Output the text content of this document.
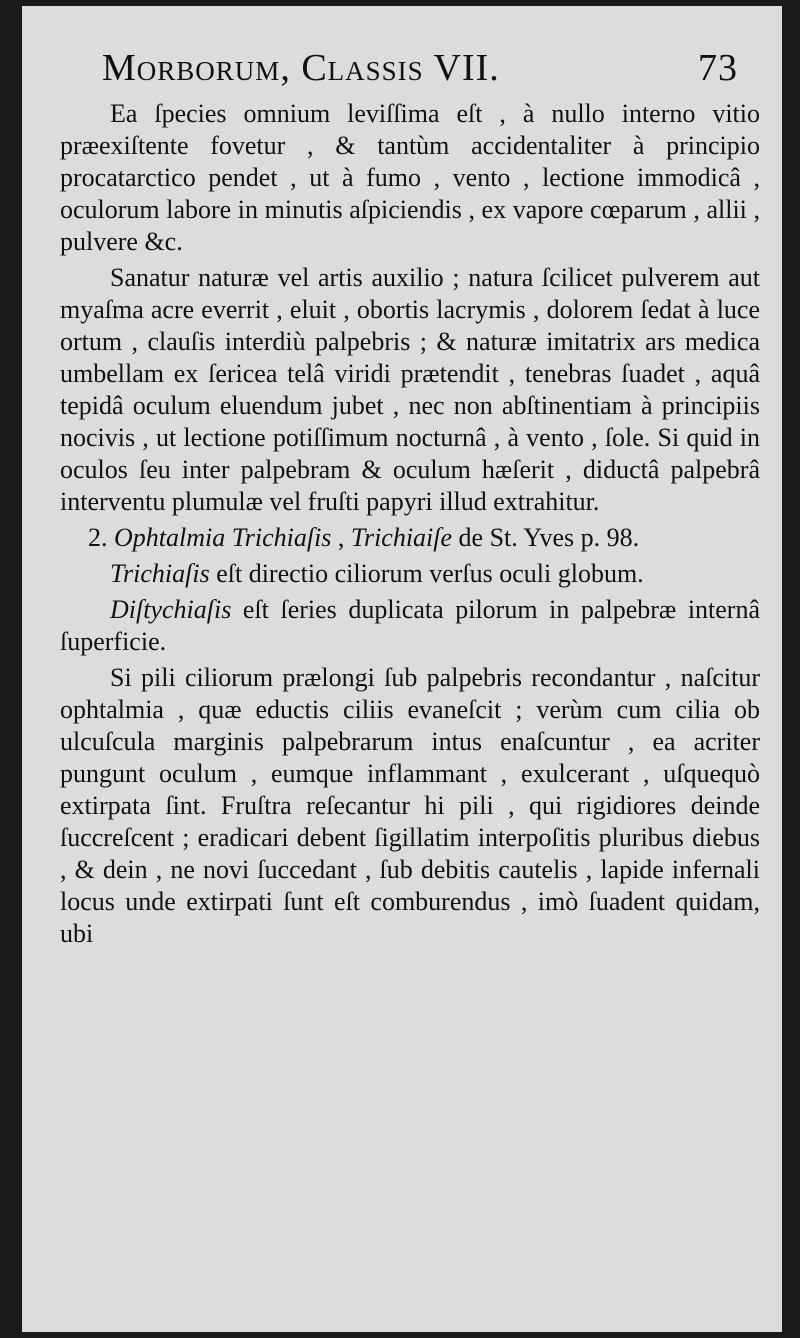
Morborum, Classis VII.	73

Ea ſpecies omnium leviſſima eſt , à nullo interno vitio præexiſtente fovetur , & tantùm accidentaliter à principio procatarctico pendet , ut à fumo , vento , lectione immodicâ , oculorum labore in minutis aſpiciendis , ex vapore cœparum , allii , pulvere &c.

Sanatur naturæ vel artis auxilio ; natura ſcilicet pulverem aut myaſma acre everrit , eluit , obortis lacrymis , dolorem ſedat à luce ortum , clauſis interdiù palpebris ; & naturæ imitatrix ars medica umbellam ex ſericea telâ viridi prætendit , tenebras ſuadet , aquâ tepidâ oculum eluendum jubet , nec non abſtinentiam à principiis nocivis , ut lectione potiſſimum nocturnâ , à vento , ſole. Si quid in oculos ſeu inter palpebram & oculum hæſerit , diductâ palpebrâ interventu plumulæ vel fruſti papyri illud extrahitur.

2. Ophtalmia Trichiaſis , Trichiaiſe de St. Yves p. 98.

Trichiaſis eſt directio ciliorum verſus oculi globum.

Diſtychiaſis eſt ſeries duplicata pilorum in palpebræ internâ ſuperficie.

Si pili ciliorum prælongi ſub palpebris recondantur , naſcitur ophtalmia , quæ eductis ciliis evaneſcit ; verùm cum cilia ob ulcuſcula marginis palpebrarum intus enaſcuntur , ea acriter pungunt oculum , eumque inflammant , exulcerant , uſquequò extirpata ſint. Fruſtra reſecantur hi pili , qui rigidiores deinde ſuccreſcent ; eradicari debent ſigillatim interpoſitis pluribus diebus , & dein , ne novi ſuccedant , ſub debitis cautelis , lapide infernali locus unde extirpati ſunt eſt comburendus , imò ſuadent quidam, ubi
